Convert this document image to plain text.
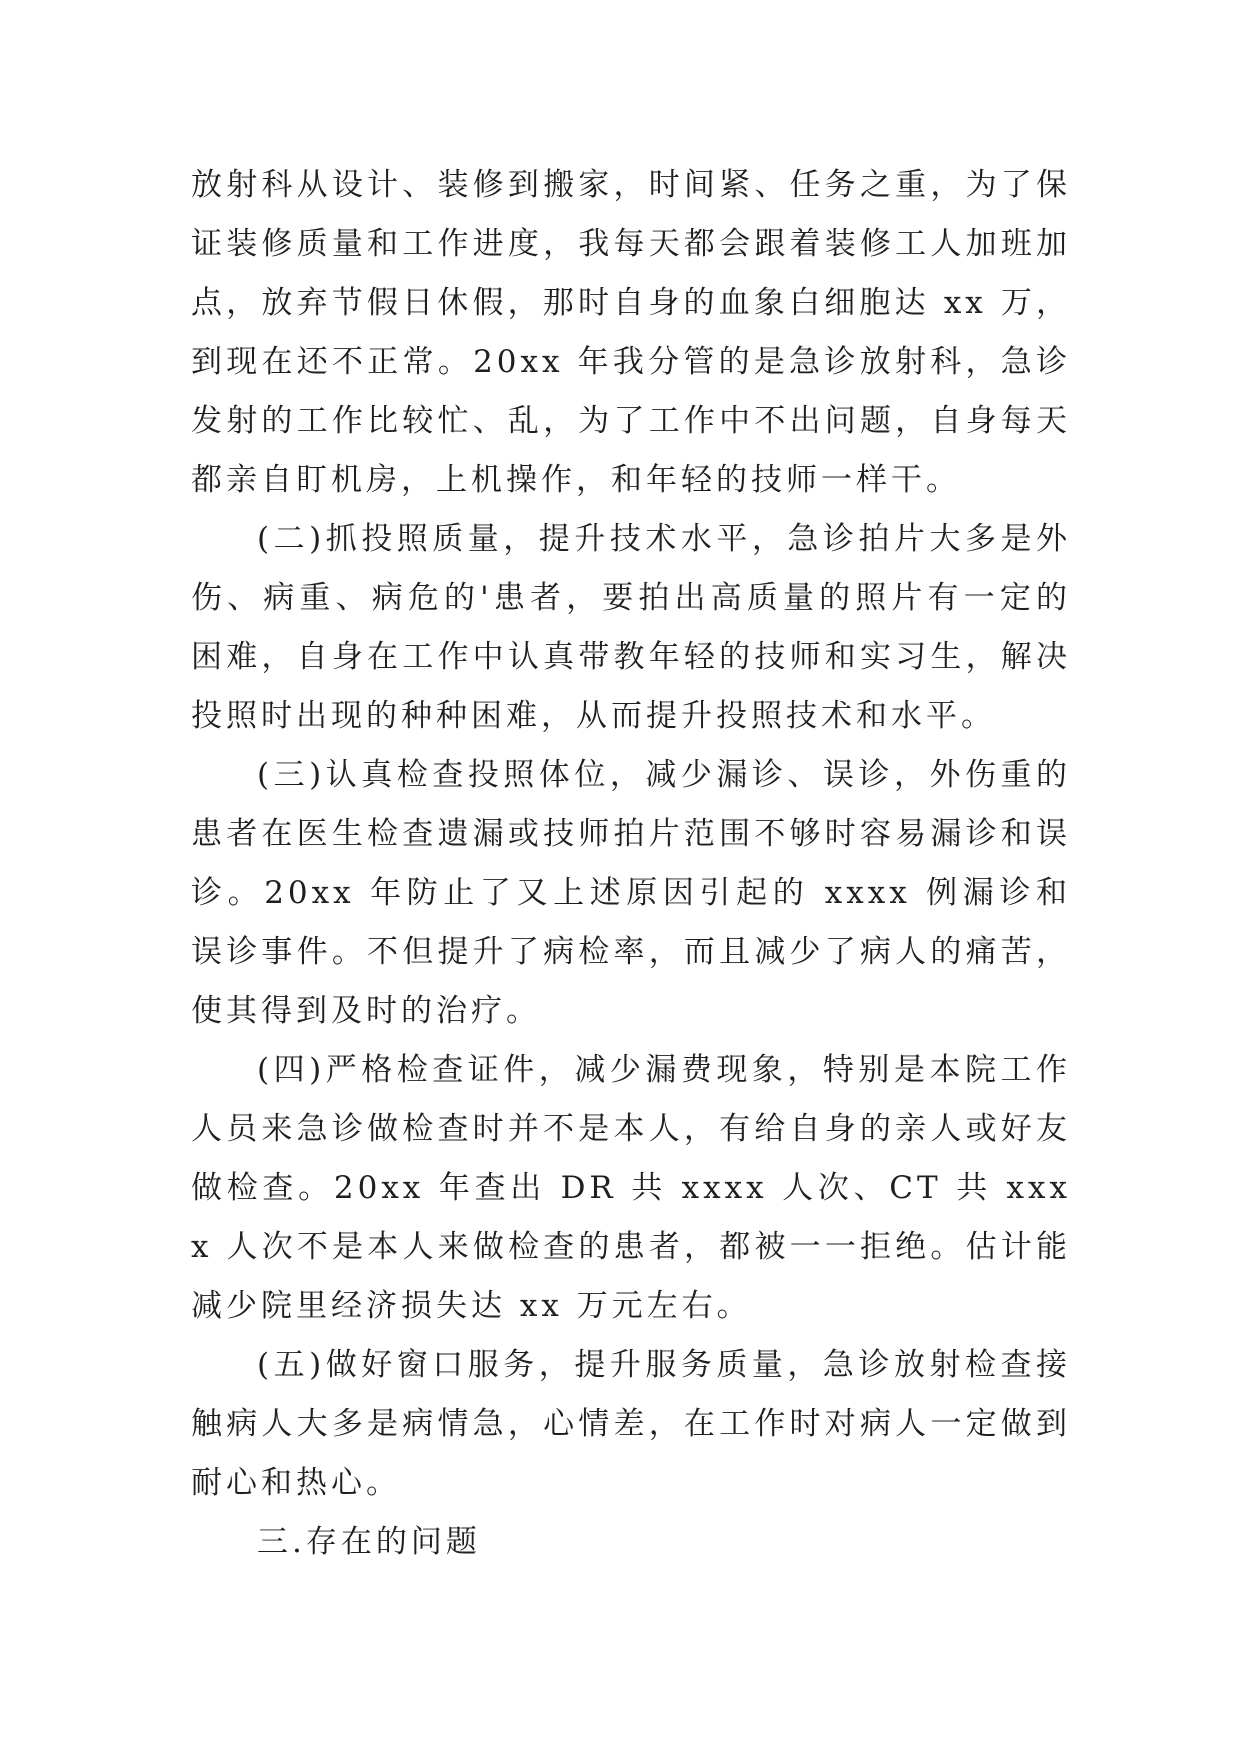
放射科从设计、装修到搬家，时间紧、任务之重，为了保证装修质量和工作进度，我每天都会跟着装修工人加班加点，放弃节假日休假，那时自身的血象白细胞达 xx 万，到现在还不正常。20xx 年我分管的是急诊放射科，急诊发射的工作比较忙、乱，为了工作中不出问题，自身每天都亲自盯机房，上机操作，和年轻的技师一样干。

(二)抓投照质量，提升技术水平，急诊拍片大多是外伤、病重、病危的'患者，要拍出高质量的照片有一定的困难，自身在工作中认真带教年轻的技师和实习生，解决投照时出现的种种困难，从而提升投照技术和水平。

(三)认真检查投照体位，减少漏诊、误诊，外伤重的患者在医生检查遗漏或技师拍片范围不够时容易漏诊和误诊。20xx 年防止了又上述原因引起的 xxxx 例漏诊和误诊事件。不但提升了病检率，而且减少了病人的痛苦，使其得到及时的治疗。

(四)严格检查证件，减少漏费现象，特别是本院工作人员来急诊做检查时并不是本人，有给自身的亲人或好友做检查。20xx 年查出 DR 共 xxxx 人次、CT 共 xxxx 人次不是本人来做检查的患者，都被一一拒绝。估计能减少院里经济损失达 xx 万元左右。

(五)做好窗口服务，提升服务质量，急诊放射检查接触病人大多是病情急，心情差，在工作时对病人一定做到耐心和热心。

三.存在的问题
